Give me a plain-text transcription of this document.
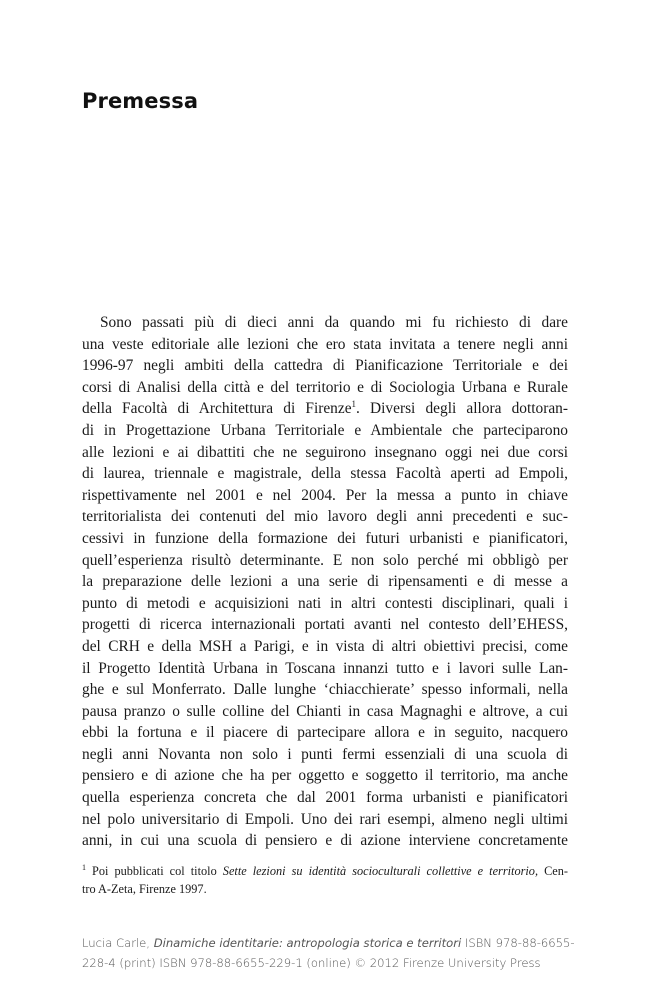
Premessa
Sono passati più di dieci anni da quando mi fu richiesto di dare
una veste editoriale alle lezioni che ero stata invitata a tenere negli anni
1996-97 negli ambiti della cattedra di Pianificazione Territoriale e dei
corsi di Analisi della città e del territorio e di Sociologia Urbana e Rurale
della Facoltà di Architettura di Firenze$^1$. Diversi degli allora dottoran-
di in Progettazione Urbana Territoriale e Ambientale che parteciparono
alle lezioni e ai dibattiti che ne seguirono insegnano oggi nei due corsi
di laurea, triennale e magistrale, della stessa Facoltà aperti ad Empoli,
rispettivamente nel 2001 e nel 2004. Per la messa a punto in chiave
territorialista dei contenuti del mio lavoro degli anni precedenti e suc-
cessivi in funzione della formazione dei futuri urbanisti e pianificatori,
quell’esperienza risultò determinante. E non solo perché mi obbligò per
la preparazione delle lezioni a una serie di ripensamenti e di messe a
punto di metodi e acquisizioni nati in altri contesti disciplinari, quali i
progetti di ricerca internazionali portati avanti nel contesto dell’EHESS,
del CRH e della MSH a Parigi, e in vista di altri obiettivi precisi, come
il Progetto Identità Urbana in Toscana innanzi tutto e i lavori sulle Lan-
ghe e sul Monferrato. Dalle lunghe ‘chiacchierate’ spesso informali, nella
pausa pranzo o sulle colline del Chianti in casa Magnaghi e altrove, a cui
ebbi la fortuna e il piacere di partecipare allora e in seguito, nacquero
negli anni Novanta non solo i punti fermi essenziali di una scuola di
pensiero e di azione che ha per oggetto e soggetto il territorio, ma anche
quella esperienza concreta che dal 2001 forma urbanisti e pianificatori
nel polo universitario di Empoli. Uno dei rari esempi, almeno negli ultimi
anni, in cui una scuola di pensiero e di azione interviene concretamente
$^1$ Poi pubblicati col titolo Sette lezioni su identità socioculturali collettive e territorio, Cen-
tro A-Zeta, Firenze 1997.
Lucia Carle, Dinamiche identitarie: antropologia storica e territori ISBN 978-88-6655-
228-4 (print) ISBN 978-88-6655-229-1 (online) © 2012 Firenze University Press
